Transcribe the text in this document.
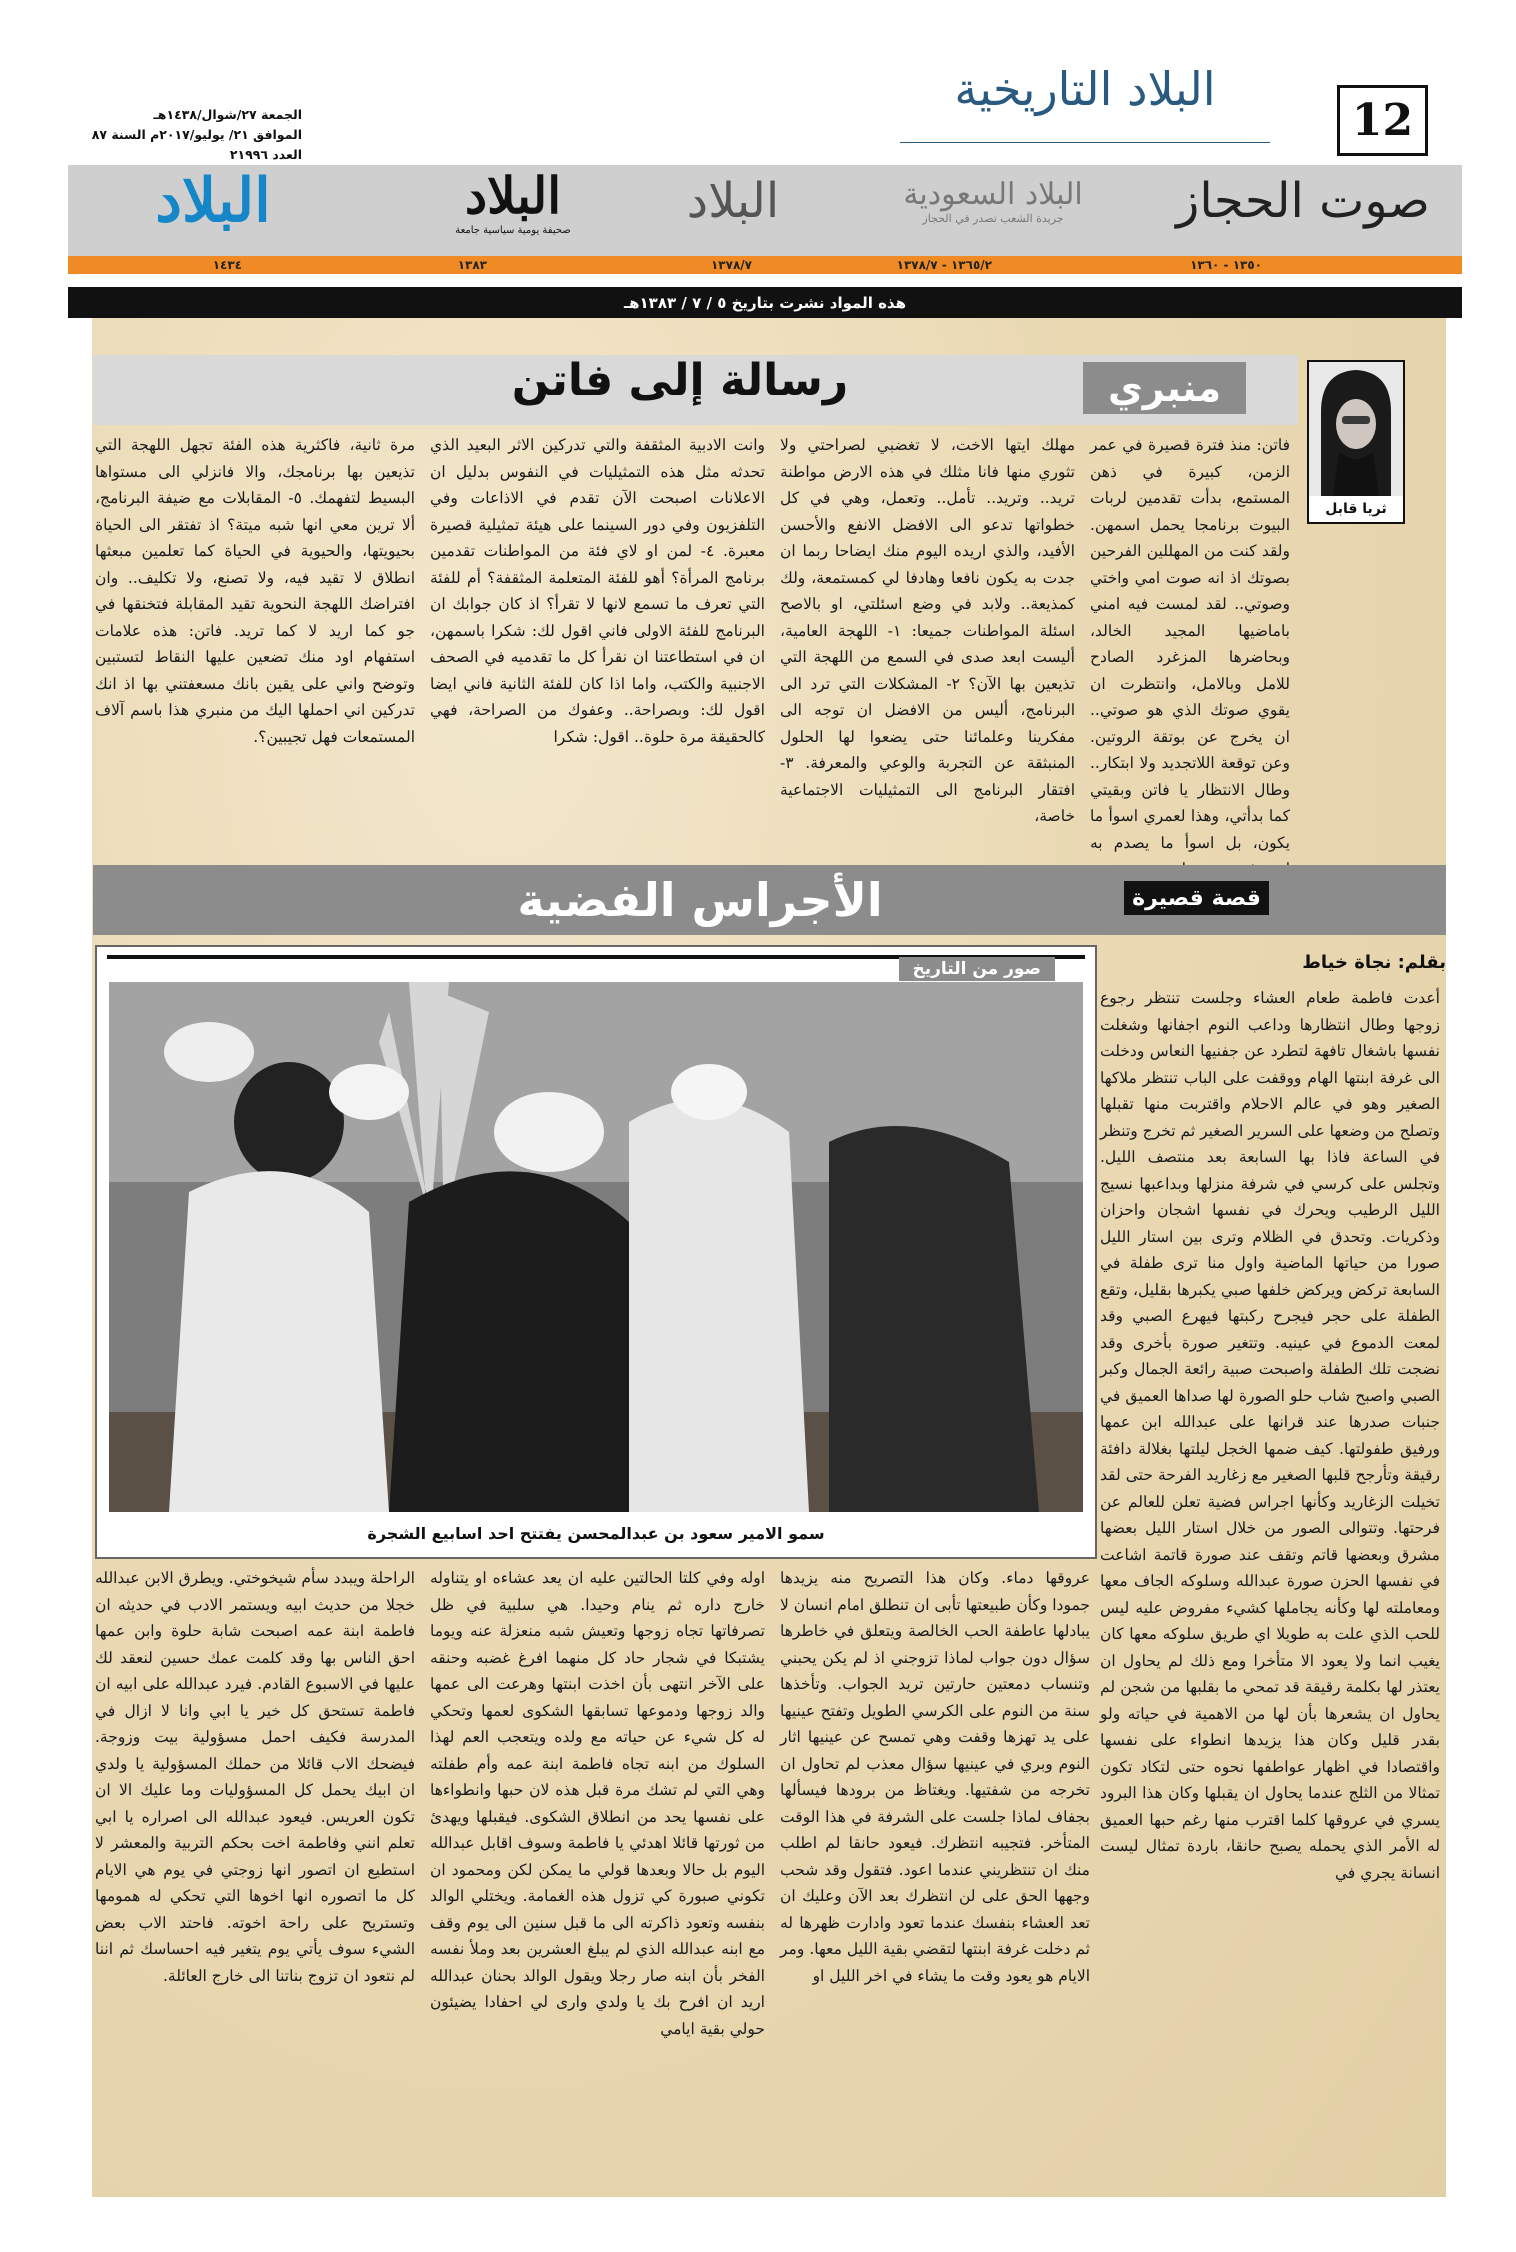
12
البلاد التاريخية
الجمعة ٢٧/شوال/١٤٣٨هـ
الموافق ٢١/ يوليو/٢٠١٧م السنة ٨٧ العدد ٢١٩٩٦
صوت الحجاز
البلاد السعودية
جريدة الشعب تصدر في الحجاز
البلاد
البلاد
صحيفة يومية سياسية جامعة
البلاد
١٣٥٠ - ١٣٦٠
١٣٦٥/٢ - ١٣٧٨/٧
١٣٧٨/٧
١٣٨٣
١٤٣٤
هذه المواد نشرت بتاريخ ٥ / ٧ / ١٣٨٣هـ
رسالة إلى فاتن	منبري
ثريا قابل

فاتن: منذ فترة قصيرة في عمر الزمن، كبيرة في ذهن المستمع، بدأت تقدمين لربات البيوت برنامجا يحمل اسمهن. ولقد كنت من المهللين الفرحين بصوتك اذ انه صوت امي واختي وصوتي.. لقد لمست فيه امني باماضيها المجيد الخالد، وبحاضرها المزغرد الصادح للامل وبالامل، وانتظرت ان يقوي صوتك الذي هو صوتي.. ان يخرج عن بوتقة الروتين. وعن توقعة اللاتجديد ولا ابتكار.. وطال الانتظار يا فاتن وبقيتي كما بدأتي، وهذا لعمري اسوأ ما يكون، بل اسوأ ما يصدم به

مهلك ايتها الاخت، لا تغضبي لصراحتي ولا تثوري منها فانا مثلك في هذه الارض مواطنة تريد.. وتريد.. تأمل.. وتعمل، وهي في كل خطواتها تدعو الى الافضل الانفع والأحسن الأفيد، والذي اريده اليوم منك ايضاحا ربما ان جدت به يكون نافعا وهادفا لي كمستمعة، ولك كمذيعة.. ولابد في وضع اسئلتي، او بالاصح اسئلة المواطنات جميعا: ١- اللهجة العامية، أليست ابعد صدى في السمع من اللهجة التي تذيعين بها الآن؟ ٢- المشكلات التي ترد الى البرنامج، أليس من الافضل ان توجه الى مفكرينا وعلمائنا حتى يضعوا لها الحلول المنبثقة عن التجربة والوعي والمعرفة. ٣- افتقار البرنامج الى التمثيليات الاجتماعية خاصة،

وانت الادبية المثقفة والتي تدركين الاثر البعيد الذي تحدثه مثل هذه التمثيليات في النفوس بدليل ان الاعلانات اصبحت الآن تقدم في الاذاعات وفي التلفزيون وفي دور السينما على هيئة تمثيلية قصيرة معبرة. ٤- لمن او لاي فئة من المواطنات تقدمين برنامج المرأة؟ أهو للفئة المتعلمة المثقفة؟ أم للفئة التي تعرف ما تسمع لانها لا تقرأ؟ اذ كان جوابك ان البرنامج للفئة الاولى فاني اقول لك: شكرا باسمهن، ان في استطاعتنا ان نقرأ كل ما تقدميه في الصحف الاجنبية والكتب، واما اذا كان للفئة الثانية فاني ايضا اقول لك: وبصراحة.. وعفوك من الصراحة، فهي كالحقيقة مرة حلوة.. اقول: شكرا

مرة ثانية، فاكثرية هذه الفئة تجهل اللهجة التي تذيعين بها برنامجك، والا فانزلي الى مستواها البسيط لتفهمك. ٥- المقابلات مع ضيفة البرنامج، ألا ترين معي انها شبه ميتة؟ اذ تفتقر الى الحياة بحيويتها، والحيوية في الحياة كما تعلمين مبعثها انطلاق لا تقيد فيه، ولا تصنع، ولا تكليف.. وان افتراضك اللهجة النحوية تقيد المقابلة فتخنقها في جو كما اريد لا كما تريد. فاتن: هذه علامات استفهام اود منك تضعين عليها النقاط لتستبين وتوضح واني على يقين بانك مسعفتني بها اذ انك تدركين اني احملها اليك من منبري هذا باسم آلاف المستمعات فهل تجيبين؟.

الأجراس الفضية	قصة قصيرة
صور من التاريخ
سمو الامير سعود بن عبدالمحسن يفتتح احد اسابيع الشجرة
بقلم: نجاة خياط

أعدت فاطمة طعام العشاء وجلست تنتظر رجوع زوجها وطال انتظارها وداعب النوم اجفانها وشغلت نفسها باشغال تافهة لتطرد عن جفنيها النعاس ودخلت الى غرفة ابنتها الهام ووقفت على الباب تنتظر ملاكها الصغير وهو في عالم الاحلام واقتربت منها تقبلها وتصلح من وضعها على السرير الصغير ثم تخرج وتنظر في الساعة فاذا بها السابعة بعد منتصف الليل. وتجلس على كرسي في شرفة منزلها وبداعبها نسيج الليل الرطيب ويحرك في نفسها اشجان واحزان وذكريات. وتحدق في الظلام وترى بين استار الليل صورا من حياتها الماضية واول منا ترى طفلة في السابعة تركض ويركض خلفها صبي يكبرها بقليل، وتقع الطفلة على حجر فيجرح ركبتها فيهرع الصبي وقد لمعت الدموع في عينيه. وتتغير صورة بأخرى وقد نضجت تلك الطفلة واصبحت صبية رائعة الجمال وكبر الصبي واصبح شاب حلو الصورة لها صداها العميق في جنبات صدرها عند قرانها على عبدالله ابن عمها ورفيق طفولتها. كيف ضمها الخجل ليلتها بغلالة دافئة رقيقة وتأرجح قلبها الصغير مع زغاريد الفرحة حتى لقد تخيلت الزغاريد وكأنها اجراس فضية تعلن للعالم عن فرحتها. وتتوالى الصور من خلال استار الليل بعضها مشرق وبعضها قاتم وتقف عند صورة قاتمة اشاعت في نفسها الحزن صورة عبدالله وسلوكه الجاف معها ومعاملته لها وكأنه يجاملها كشيء مفروض عليه ليس للحب الذي علت به طويلا اي طريق سلوكه معها كان يغيب انما ولا يعود الا متأخرا ومع ذلك لم يحاول ان يعتذر لها بكلمة رقيقة قد تمحي ما بقلبها من شجن لم يحاول ان يشعرها بأن لها من الاهمية في حياته ولو بقدر قليل وكان هذا يزيدها انطواء على نفسها واقتصادا في اظهار عواطفها نحوه حتى لتكاد تكون تمثالا من الثلج عندما يحاول ان يقبلها وكان هذا البرود يسري في عروقها كلما اقترب منها رغم حبها العميق له الأمر الذي يحمله يصبح حانقا، باردة تمثال ليست انسانة يجري في

عروقها دماء. وكان هذا التصريح منه يزيدها جمودا وكأن طبيعتها تأبى ان تنطلق امام انسان لا يبادلها عاطفة الحب الخالصة ويتعلق في خاطرها سؤال دون جواب لماذا تزوجني اذ لم يكن يحبني وتنساب دمعتين حارتين تريد الجواب. وتأخذها سنة من النوم على الكرسي الطويل وتفتح عينيها على يد تهزها وقفت وهي تمسح عن عينيها اثار النوم وبري في عينيها سؤال معذب لم تحاول ان تخرجه من شفتيها. ويغتاظ من برودها فيسألها بجفاف لماذا جلست على الشرفة في هذا الوقت المتأخر. فتجيبه انتظرك. فيعود حانقا لم اطلب منك ان تنتظريني عندما اعود. فتقول وقد شحب وجهها الحق على لن انتظرك بعد الآن وعليك ان تعد العشاء بنفسك عندما تعود وادارت ظهرها له ثم دخلت غرفة ابنتها لتقضي بقية الليل معها. ومر الايام هو يعود وقت ما يشاء في اخر الليل او

اوله وفي كلتا الحالتين عليه ان يعد عشاءه او يتناوله خارج داره ثم ينام وحيدا. هي سلبية في ظل تصرفاتها تجاه زوجها وتعيش شبه منعزلة عنه ويوما يشتبكا في شجار حاد كل منهما افرغ غضبه وحنقه على الآخر انتهى بأن اخذت ابنتها وهرعت الى عمها والد زوجها ودموعها تسابقها الشكوى لعمها وتحكي له كل شيء عن حياته مع ولده ويتعجب العم لهذا السلوك من ابنه تجاه فاطمة ابنة عمه وأم طفلته وهي التي لم تشك مرة قبل هذه لان حبها وانطواءها على نفسها يحد من انطلاق الشكوى. فيقبلها ويهدئ من ثورتها قائلا اهدئي يا فاطمة وسوف اقابل عبدالله اليوم بل حالا وبعدها قولي ما يمكن لكن ومحمود ان تكوني صبورة كي تزول هذه الغمامة. ويختلي الوالد بنفسه وتعود ذاكرته الى ما قبل سنين الى يوم وقف مع ابنه عبدالله الذي لم يبلغ العشرين بعد وملأ نفسه الفخر بأن ابنه صار رجلا ويقول الوالد بحنان عبدالله اريد ان افرح بك يا ولدي وارى لي احفادا يضيئون حولي بقية ايامي

الراحلة ويبدد سأم شيخوختي. ويطرق الابن عبدالله خجلا من حديث ابيه ويستمر الادب في حديثه ان فاطمة ابنة عمه اصبحت شابة حلوة وابن عمها احق الناس بها وقد كلمت عمك حسين لنعقد لك عليها في الاسبوع القادم. فيرد عبدالله على ابيه ان فاطمة تستحق كل خير يا ابي وانا لا ازال في المدرسة فكيف احمل مسؤولية بيت وزوجة. فيضحك الاب قائلا من حملك المسؤولية يا ولدي ان ابيك يحمل كل المسؤوليات وما عليك الا ان تكون العريس. فيعود عبدالله الى اصراره يا ابي تعلم انني وفاطمة اخت بحكم التربية والمعشر لا استطيع ان اتصور انها زوجتي في يوم هي الايام كل ما اتصوره انها اخوها التي تحكي له همومها وتستريح على راحة اخوته. فاحتد الاب بعض الشيء سوف يأتي يوم يتغير فيه احساسك ثم اننا لم نتعود ان تزوج بناتنا الى خارج العائلة.
